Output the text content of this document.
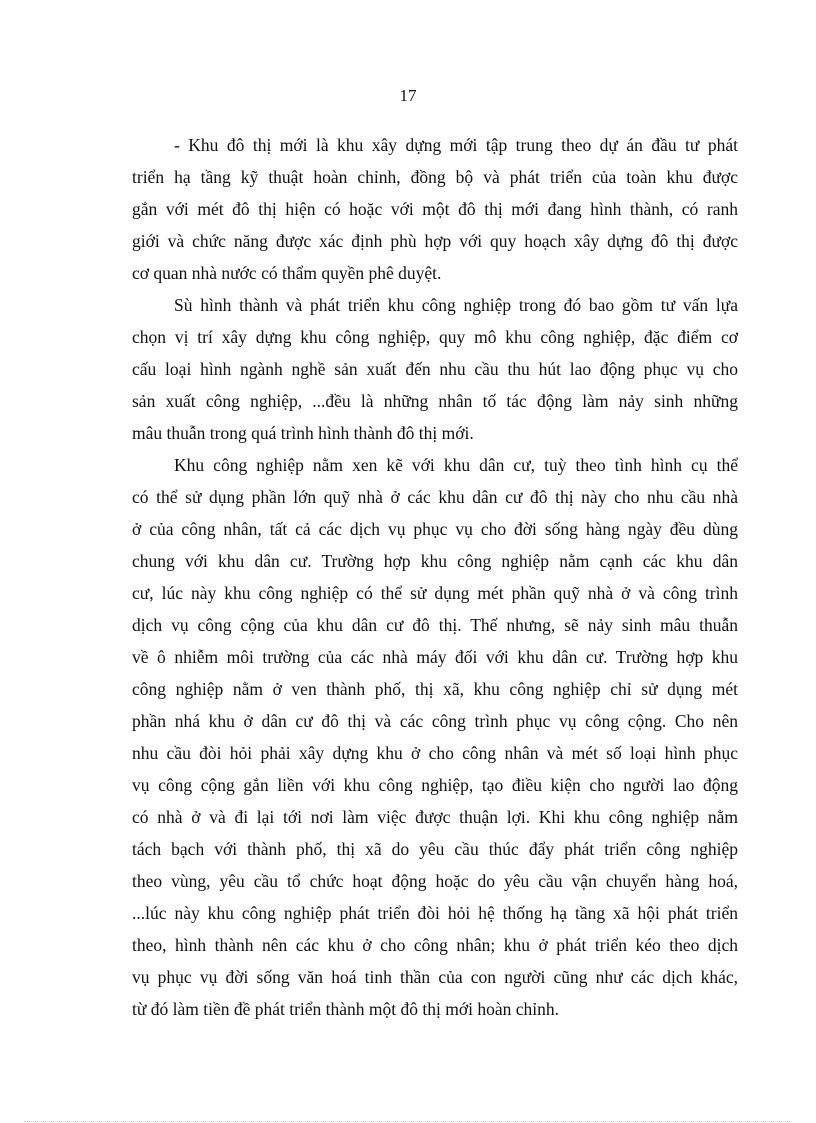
17
- Khu đô thị mới là khu xây dựng mới tập trung theo dự án đầu tư phát
triển hạ tầng kỹ thuật hoàn chỉnh, đồng bộ và phát triển của toàn khu được
gắn với mét đô thị hiện có hoặc với một đô thị mới đang hình thành, có ranh
giới và chức năng được xác định phù hợp với quy hoạch xây dựng đô thị được
cơ quan nhà nước có thẩm quyền phê duyệt.
Sù hình thành và phát triển khu công nghiệp trong đó bao gồm tư vấn lựa
chọn vị trí xây dựng khu công nghiệp, quy mô khu công nghiệp, đặc điểm cơ
cấu loại hình ngành nghề sản xuất đến nhu cầu thu hút lao động phục vụ cho
sản xuất công nghiệp, ...đều là những nhân tố tác động làm nảy sinh những
mâu thuẫn trong quá trình hình thành đô thị mới.
Khu công nghiệp nằm xen kẽ với khu dân cư, tuỳ theo tình hình cụ thể
có thể sử dụng phần lớn quỹ nhà ở các khu dân cư đô thị này cho nhu cầu nhà
ở của công nhân, tất cả các dịch vụ phục vụ cho đời sống hàng ngày đều dùng
chung với khu dân cư. Trường hợp khu công nghiệp nằm cạnh các khu dân
cư, lúc này khu công nghiệp có thể sử dụng mét phần quỹ nhà ở và công trình
dịch vụ công cộng của khu dân cư đô thị. Thế nhưng, sẽ nảy sinh mâu thuẫn
về ô nhiễm môi trường của các nhà máy đối với khu dân cư. Trường hợp khu
công nghiệp nằm ở ven thành phố, thị xã, khu công nghiệp chỉ sử dụng mét
phần nhá khu ở dân cư đô thị và các công trình phục vụ công cộng. Cho nên
nhu cầu đòi hỏi phải xây dựng khu ở cho công nhân và mét số loại hình phục
vụ công cộng gắn liền với khu công nghiệp, tạo điều kiện cho người lao động
có nhà ở và đi lại tới nơi làm việc được thuận lợi. Khi khu công nghiệp nằm
tách bạch với thành phố, thị xã do yêu cầu thúc đẩy phát triển công nghiệp
theo vùng, yêu cầu tổ chức hoạt động hoặc do yêu cầu vận chuyển hàng hoá,
...lúc này khu công nghiệp phát triển đòi hỏi hệ thống hạ tầng xã hội phát triển
theo, hình thành nên các khu ở cho công nhân; khu ở phát triển kéo theo dịch
vụ phục vụ đời sống văn hoá tinh thần của con người cũng như các dịch khác,
từ đó làm tiền đề phát triển thành một đô thị mới hoàn chỉnh.
